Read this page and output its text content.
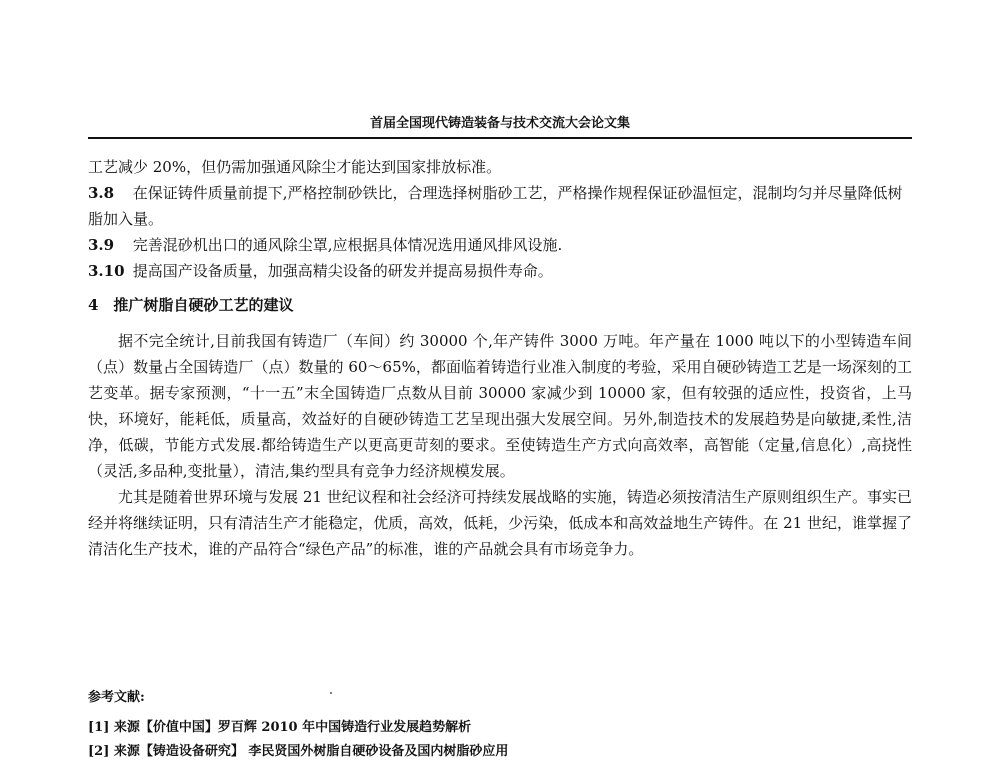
首届全国现代铸造装备与技术交流大会论文集

工艺减少 20%，但仍需加强通风除尘才能达到国家排放标准。

3.8 在保证铸件质量前提下,严格控制砂铁比，合理选择树脂砂工艺，严格操作规程保证砂温恒定，混制均匀并尽量降低树脂加入量。

3.9 完善混砂机出口的通风除尘罩,应根据具体情况选用通风排风设施.

3.10 提高国产设备质量，加强高精尖设备的研发并提高易损件寿命。

4　推广树脂自硬砂工艺的建议

据不完全统计,目前我国有铸造厂（车间）约 30000 个,年产铸件 3000 万吨。年产量在 1000 吨以下的小型铸造车间（点）数量占全国铸造厂（点）数量的 60～65%，都面临着铸造行业准入制度的考验，采用自硬砂铸造工艺是一场深刻的工艺变革。据专家预测，“十一五”末全国铸造厂点数从目前 30000 家减少到 10000 家，但有较强的适应性，投资省，上马快，环境好，能耗低，质量高，效益好的自硬砂铸造工艺呈现出强大发展空间。另外,制造技术的发展趋势是向敏捷,柔性,洁净，低碳，节能方式发展.都给铸造生产以更高更苛刻的要求。至使铸造生产方式向高效率，高智能（定量,信息化）,高挠性（灵活,多品种,变批量），清洁,集约型具有竞争力经济规模发展。

尤其是随着世界环境与发展 21 世纪议程和社会经济可持续发展战略的实施，铸造必须按清洁生产原则组织生产。事实已经并将继续证明，只有清洁生产才能稳定，优质，高效，低耗，少污染，低成本和高效益地生产铸件。在 21 世纪，谁掌握了清洁化生产技术，谁的产品符合“绿色产品”的标准，谁的产品就会具有市场竞争力。

参考文献:

[1] 来源【价值中国】罗百辉 2010 年中国铸造行业发展趋势解析

[2] 来源【铸造设备研究】 李民贤国外树脂自硬砂设备及国内树脂砂应用
